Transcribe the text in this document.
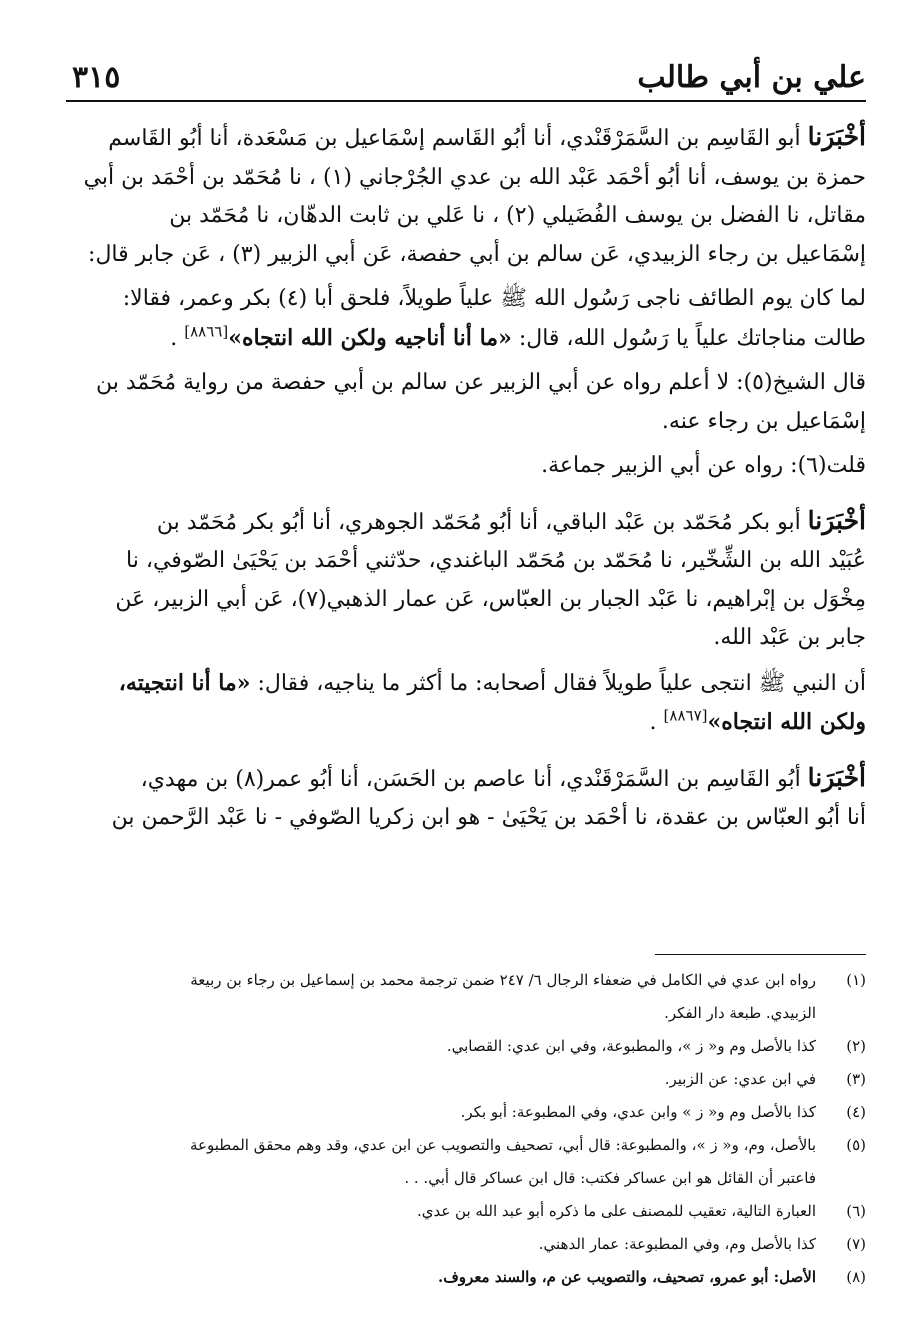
علي بن أبي طالب
٣١٥

أخْبَرَنا أبو القَاسِم بن السَّمَرْقَنْدي، أنا أبُو القَاسم إسْمَاعيل بن مَسْعَدة، أنا أبُو القَاسم
حمزة بن يوسف، أنا أبُو أحْمَد عَبْد الله بن عدي الجُرْجاني (١) ، نا مُحَمّد بن أحْمَد بن أبي
مقاتل، نا الفضل بن يوسف الفُضَيلي (٢) ، نا عَلي بن ثابت الدهّان، نا مُحَمّد بن
إسْمَاعيل بن رجاء الزبيدي، عَن سالم بن أبي حفصة، عَن أبي الزبير (٣) ، عَن جابر قال:

لما كان يوم الطائف ناجى رَسُول الله ﷺ علياً طويلاً، فلحق أبا (٤) بكر وعمر، فقالا:
طالت مناجاتك علياً يا رَسُول الله، قال: «ما أنا أناجيه ولكن الله انتجاه»[٨٨٦٦] .

قال الشيخ(٥): لا أعلم رواه عن أبي الزبير عن سالم بن أبي حفصة من رواية مُحَمّد بن
إسْمَاعيل بن رجاء عنه.

قلت(٦): رواه عن أبي الزبير جماعة.

أخْبَرَنا أبو بكر مُحَمّد بن عَبْد الباقي، أنا أبُو مُحَمّد الجوهري، أنا أبُو بكر مُحَمّد بن
عُبَيْد الله بن الشِّخّير، نا مُحَمّد بن مُحَمّد الباغندي، حدّثني أحْمَد بن يَحْيَىٰ الصّوفي، نا
مِخْوَل بن إبْراهيم، نا عَبْد الجبار بن العبّاس، عَن عمار الذهبي(٧)، عَن أبي الزبير، عَن
جابر بن عَبْد الله.

أن النبي ﷺ انتجى علياً طويلاً فقال أصحابه: ما أكثر ما يناجيه، فقال: «ما أنا انتجيته،
ولكن الله انتجاه»[٨٨٦٧] .

أخْبَرَنا أبُو القَاسِم بن السَّمَرْقَنْدي، أنا عاصم بن الحَسَن، أنا أبُو عمر(٨) بن مهدي،
أنا أبُو العبّاس بن عقدة، نا أحْمَد بن يَحْيَىٰ - هو ابن زكريا الصّوفي - نا عَبْد الرَّحمن بن

(١)
رواه ابن عدي في الكامل في ضعفاء الرجال ٦/ ٢٤٧ ضمن ترجمة محمد بن إسماعيل بن رجاء بن ربيعة
الزبيدي. طبعة دار الفكر.
(٢)
كذا بالأصل وم و« ز »، والمطبوعة، وفي ابن عدي: القصابي.
(٣)
في ابن عدي: عن الزبير.
(٤)
كذا بالأصل وم و« ز » وابن عدي، وفي المطبوعة: أبو بكر.
(٥)
بالأصل، وم، و« ز »، والمطبوعة: قال أبي، تصحيف والتصويب عن ابن عدي، وقد وهم محقق المطبوعة
فاعتبر أن القائل هو ابن عساكر فكتب: قال ابن عساكر قال أبي. . .
(٦)
العبارة التالية، تعقيب للمصنف على ما ذكره أبو عبد الله بن عدي.
(٧)
كذا بالأصل وم، وفي المطبوعة: عمار الدهني.
(٨)
الأصل: أبو عمرو، تصحيف، والتصويب عن م، والسند معروف.
